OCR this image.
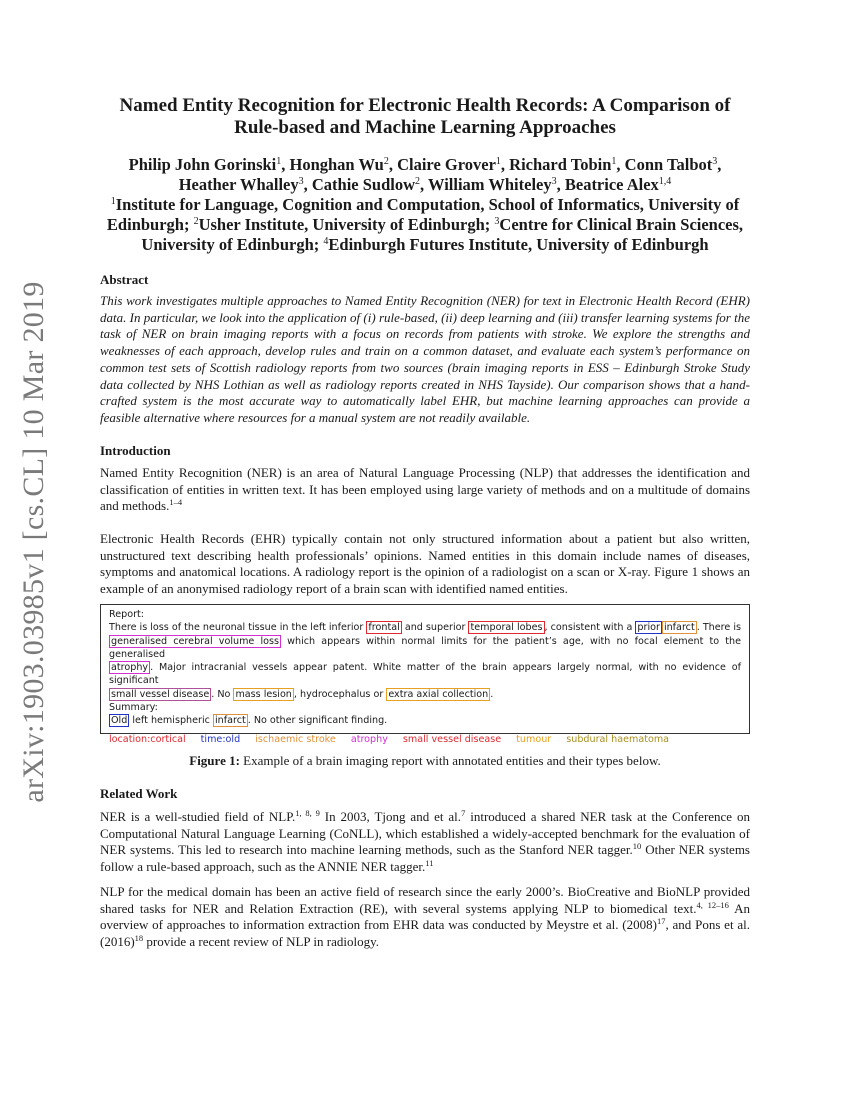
arXiv:1903.03985v1 [cs.CL] 10 Mar 2019
Named Entity Recognition for Electronic Health Records: A Comparison of Rule-based and Machine Learning Approaches
Philip John Gorinski$^1$, Honghan Wu$^2$, Claire Grover$^1$, Richard Tobin$^1$, Conn Talbot$^3$, Heather Whalley$^3$, Cathie Sudlow$^2$, William Whiteley$^3$, Beatrice Alex$^{1,4}$
$^1$Institute for Language, Cognition and Computation, School of Informatics, University of Edinburgh; $^2$Usher Institute, University of Edinburgh; $^3$Centre for Clinical Brain Sciences, University of Edinburgh; $^4$Edinburgh Futures Institute, University of Edinburgh
Abstract

This work investigates multiple approaches to Named Entity Recognition (NER) for text in Electronic Health Record (EHR) data. In particular, we look into the application of (i) rule-based, (ii) deep learning and (iii) transfer learning systems for the task of NER on brain imaging reports with a focus on records from patients with stroke. We explore the strengths and weaknesses of each approach, develop rules and train on a common dataset, and evaluate each system’s performance on common test sets of Scottish radiology reports from two sources (brain imaging reports in ESS – Edinburgh Stroke Study data collected by NHS Lothian as well as radiology reports created in NHS Tayside). Our comparison shows that a hand-crafted system is the most accurate way to automatically label EHR, but machine learning approaches can provide a feasible alternative where resources for a manual system are not readily available.

Introduction

Named Entity Recognition (NER) is an area of Natural Language Processing (NLP) that addresses the identification and classification of entities in written text. It has been employed using large variety of methods and on a multitude of domains and methods.$^{1-4}$

Electronic Health Records (EHR) typically contain not only structured information about a patient but also written, unstructured text describing health professionals’ opinions. Named entities in this domain include names of diseases, symptoms and anatomical locations. A radiology report is the opinion of a radiologist on a scan or X-ray. Figure 1 shows an example of an anonymised radiology report of a brain scan with identified named entities.

Report:
There is loss of the neuronal tissue in the left inferior frontal and superior temporal lobes , consistent with a prior infarct . There is
generalised cerebral volume loss which appears within normal limits for the patient’s age, with no focal element to the generalised
atrophy . Major intracranial vessels appear patent. White matter of the brain appears largely normal, with no evidence of significant
small vessel disease . No mass lesion , hydrocephalus or extra axial collection .
Summary:
Old left hemispheric infarct . No other significant finding.
location:cortical time:old ischaemic stroke atrophy small vessel disease tumour subdural haematoma
Figure 1: Example of a brain imaging report with annotated entities and their types below.
Related Work

NER is a well-studied field of NLP.$^{1, 8, 9}$ In 2003, Tjong and et al.$^7$ introduced a shared NER task at the Conference on Computational Natural Language Learning (CoNLL), which established a widely-accepted benchmark for the evaluation of NER systems. This led to research into machine learning methods, such as the Stanford NER tagger.$^{10}$ Other NER systems follow a rule-based approach, such as the ANNIE NER tagger.$^{11}$

NLP for the medical domain has been an active field of research since the early 2000’s. BioCreative and BioNLP provided shared tasks for NER and Relation Extraction (RE), with several systems applying NLP to biomedical text.$^{4, 12-16}$ An overview of approaches to information extraction from EHR data was conducted by Meystre et al. (2008)$^{17}$, and Pons et al. (2016)$^{18}$ provide a recent review of NLP in radiology.
